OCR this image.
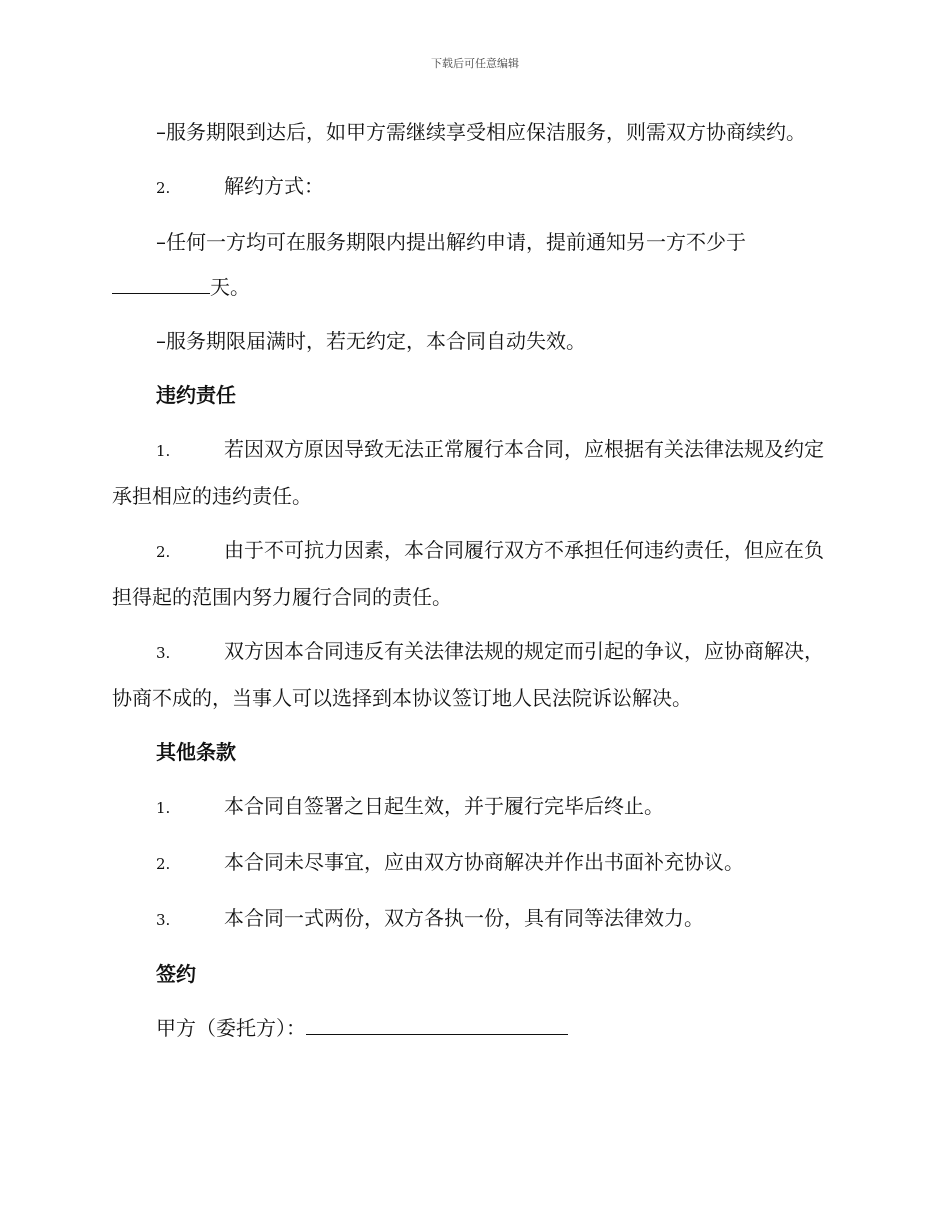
下载后可任意编辑

–服务期限到达后，如甲方需继续享受相应保洁服务，则需双方协商续约。

2.	解约方式：

–任何一方均可在服务期限内提出解约申请，提前通知另一方不少于天。

–服务期限届满时，若无约定，本合同自动失效。

违约责任

1.	若因双方原因导致无法正常履行本合同，应根据有关法律法规及约定承担相应的违约责任。

2.	由于不可抗力因素，本合同履行双方不承担任何违约责任，但应在负担得起的范围内努力履行合同的责任。

3.	双方因本合同违反有关法律法规的规定而引起的争议，应协商解决，协商不成的，当事人可以选择到本协议签订地人民法院诉讼解决。

其他条款

1.	本合同自签署之日起生效，并于履行完毕后终止。

2.	本合同未尽事宜，应由双方协商解决并作出书面补充协议。

3.	本合同一式两份，双方各执一份，具有同等法律效力。

签约

甲方（委托方）：
